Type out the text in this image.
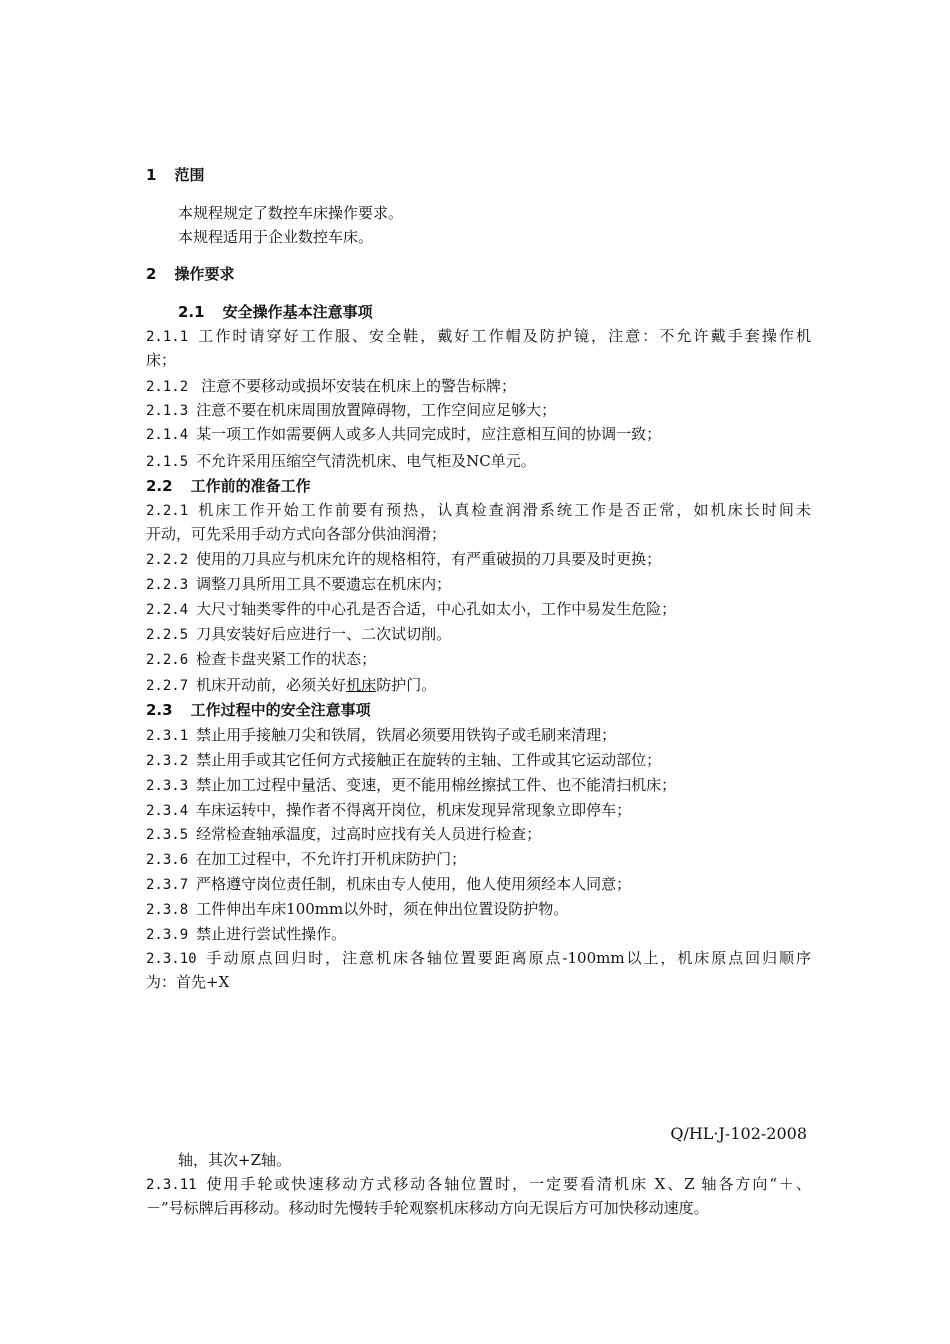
1 范围
本规程规定了数控车床操作要求。
本规程适用于企业数控车床。
2 操作要求
2.1 安全操作基本注意事项
2.1.1 工作时请穿好工作服、安全鞋，戴好工作帽及防护镜，注意：不允许戴手套操作机
床；
2.1.2 注意不要移动或损坏安装在机床上的警告标牌；
2.1.3 注意不要在机床周围放置障碍物，工作空间应足够大；
2.1.4 某一项工作如需要俩人或多人共同完成时，应注意相互间的协调一致；
2.1.5 不允许采用压缩空气清洗机床、电气柜及NC单元。
2.2 工作前的准备工作
2.2.1 机床工作开始工作前要有预热，认真检查润滑系统工作是否正常，如机床长时间未
开动，可先采用手动方式向各部分供油润滑；
2.2.2 使用的刀具应与机床允许的规格相符，有严重破损的刀具要及时更换；
2.2.3 调整刀具所用工具不要遗忘在机床内；
2.2.4 大尺寸轴类零件的中心孔是否合适，中心孔如太小，工作中易发生危险；
2.2.5 刀具安装好后应进行一、二次试切削。
2.2.6 检查卡盘夹紧工作的状态；
2.2.7 机床开动前，必须关好机床防护门。
2.3 工作过程中的安全注意事项
2.3.1 禁止用手接触刀尖和铁屑，铁屑必须要用铁钩子或毛刷来清理；
2.3.2 禁止用手或其它任何方式接触正在旋转的主轴、工件或其它运动部位；
2.3.3 禁止加工过程中量活、变速，更不能用棉丝擦拭工件、也不能清扫机床；
2.3.4 车床运转中，操作者不得离开岗位，机床发现异常现象立即停车；
2.3.5 经常检查轴承温度，过高时应找有关人员进行检查；
2.3.6 在加工过程中，不允许打开机床防护门；
2.3.7 严格遵守岗位责任制，机床由专人使用，他人使用须经本人同意；
2.3.8 工件伸出车床100mm以外时，须在伸出位置设防护物。
2.3.9 禁止进行尝试性操作。
2.3.10 手动原点回归时，注意机床各轴位置要距离原点-100mm以上，机床原点回归顺序
为：首先+X
Q/HL·J-102-2008
轴，其次+Z轴。
2.3.11 使用手轮或快速移动方式移动各轴位置时，一定要看清机床 X、Z 轴各方向“＋、
－”号标牌后再移动。移动时先慢转手轮观察机床移动方向无误后方可加快移动速度。
